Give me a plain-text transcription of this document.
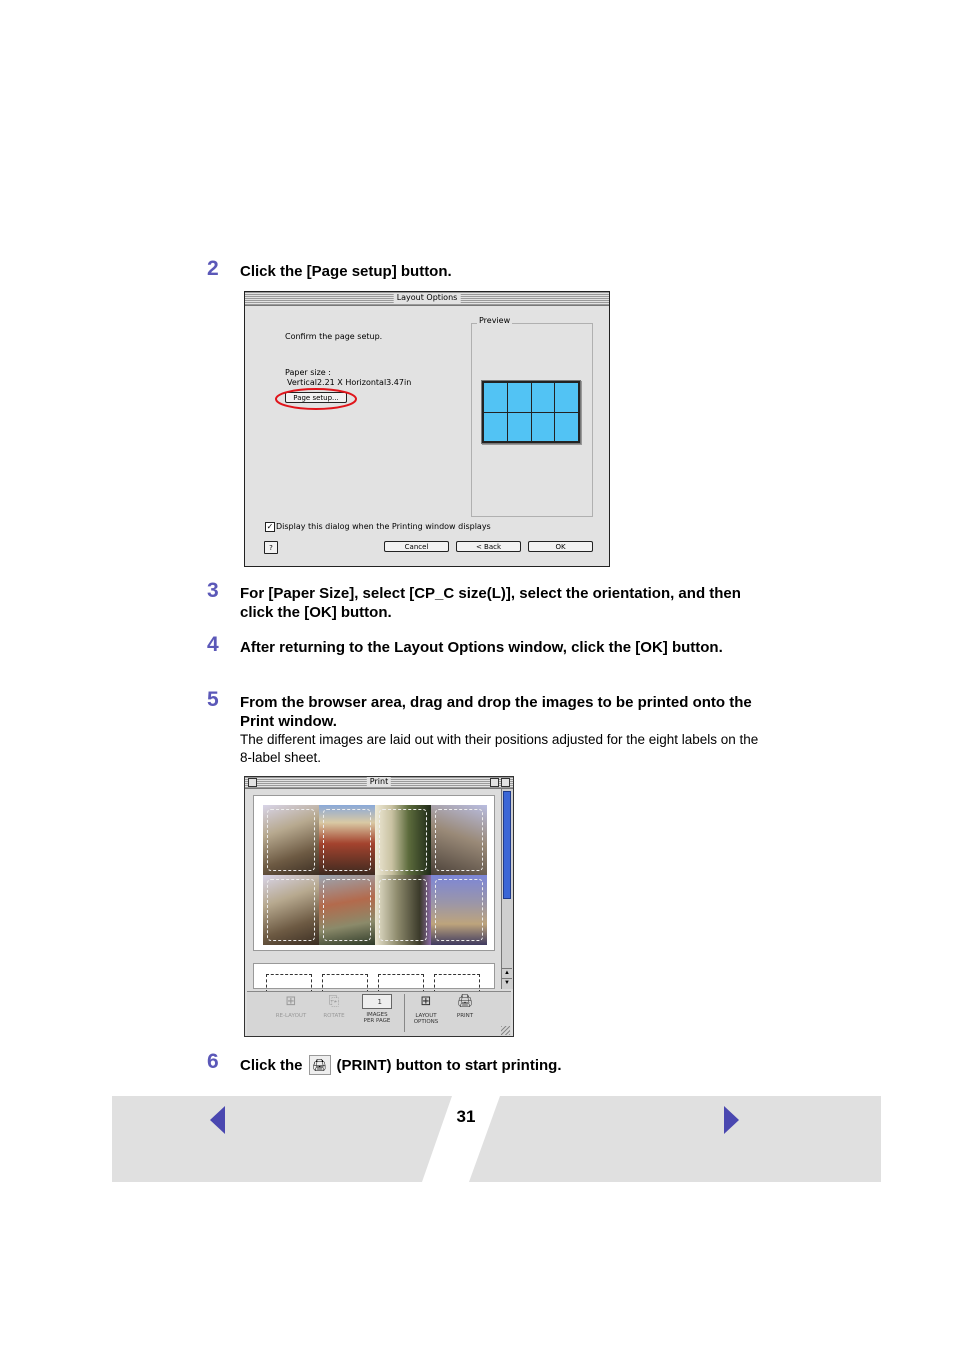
2 Click the [Page setup] button.
Layout Options
Confirm the page setup.
Paper size :
Vertical2.21 X Horizontal3.47in
Page setup...
Preview
✓ Display this dialog when the Printing window displays
?	Cancel	< Back	OK
3 For [Paper Size], select [CP_C size(L)], select the orientation, and then click the [OK] button.
4 After returning to the Layout Options window, click the [OK] button.
5 From the browser area, drag and drop the images to be printed onto the Print window.
The different images are laid out with their positions adjusted for the eight labels on the 8-label sheet.
Print
▲
▼
⊞
RE-LAYOUT
⎘
ROTATE
1
IMAGES
PER PAGE
⊞
LAYOUT
OPTIONS
🖨
PRINT
6 Click the 🖨 (PRINT) button to start printing.
31
